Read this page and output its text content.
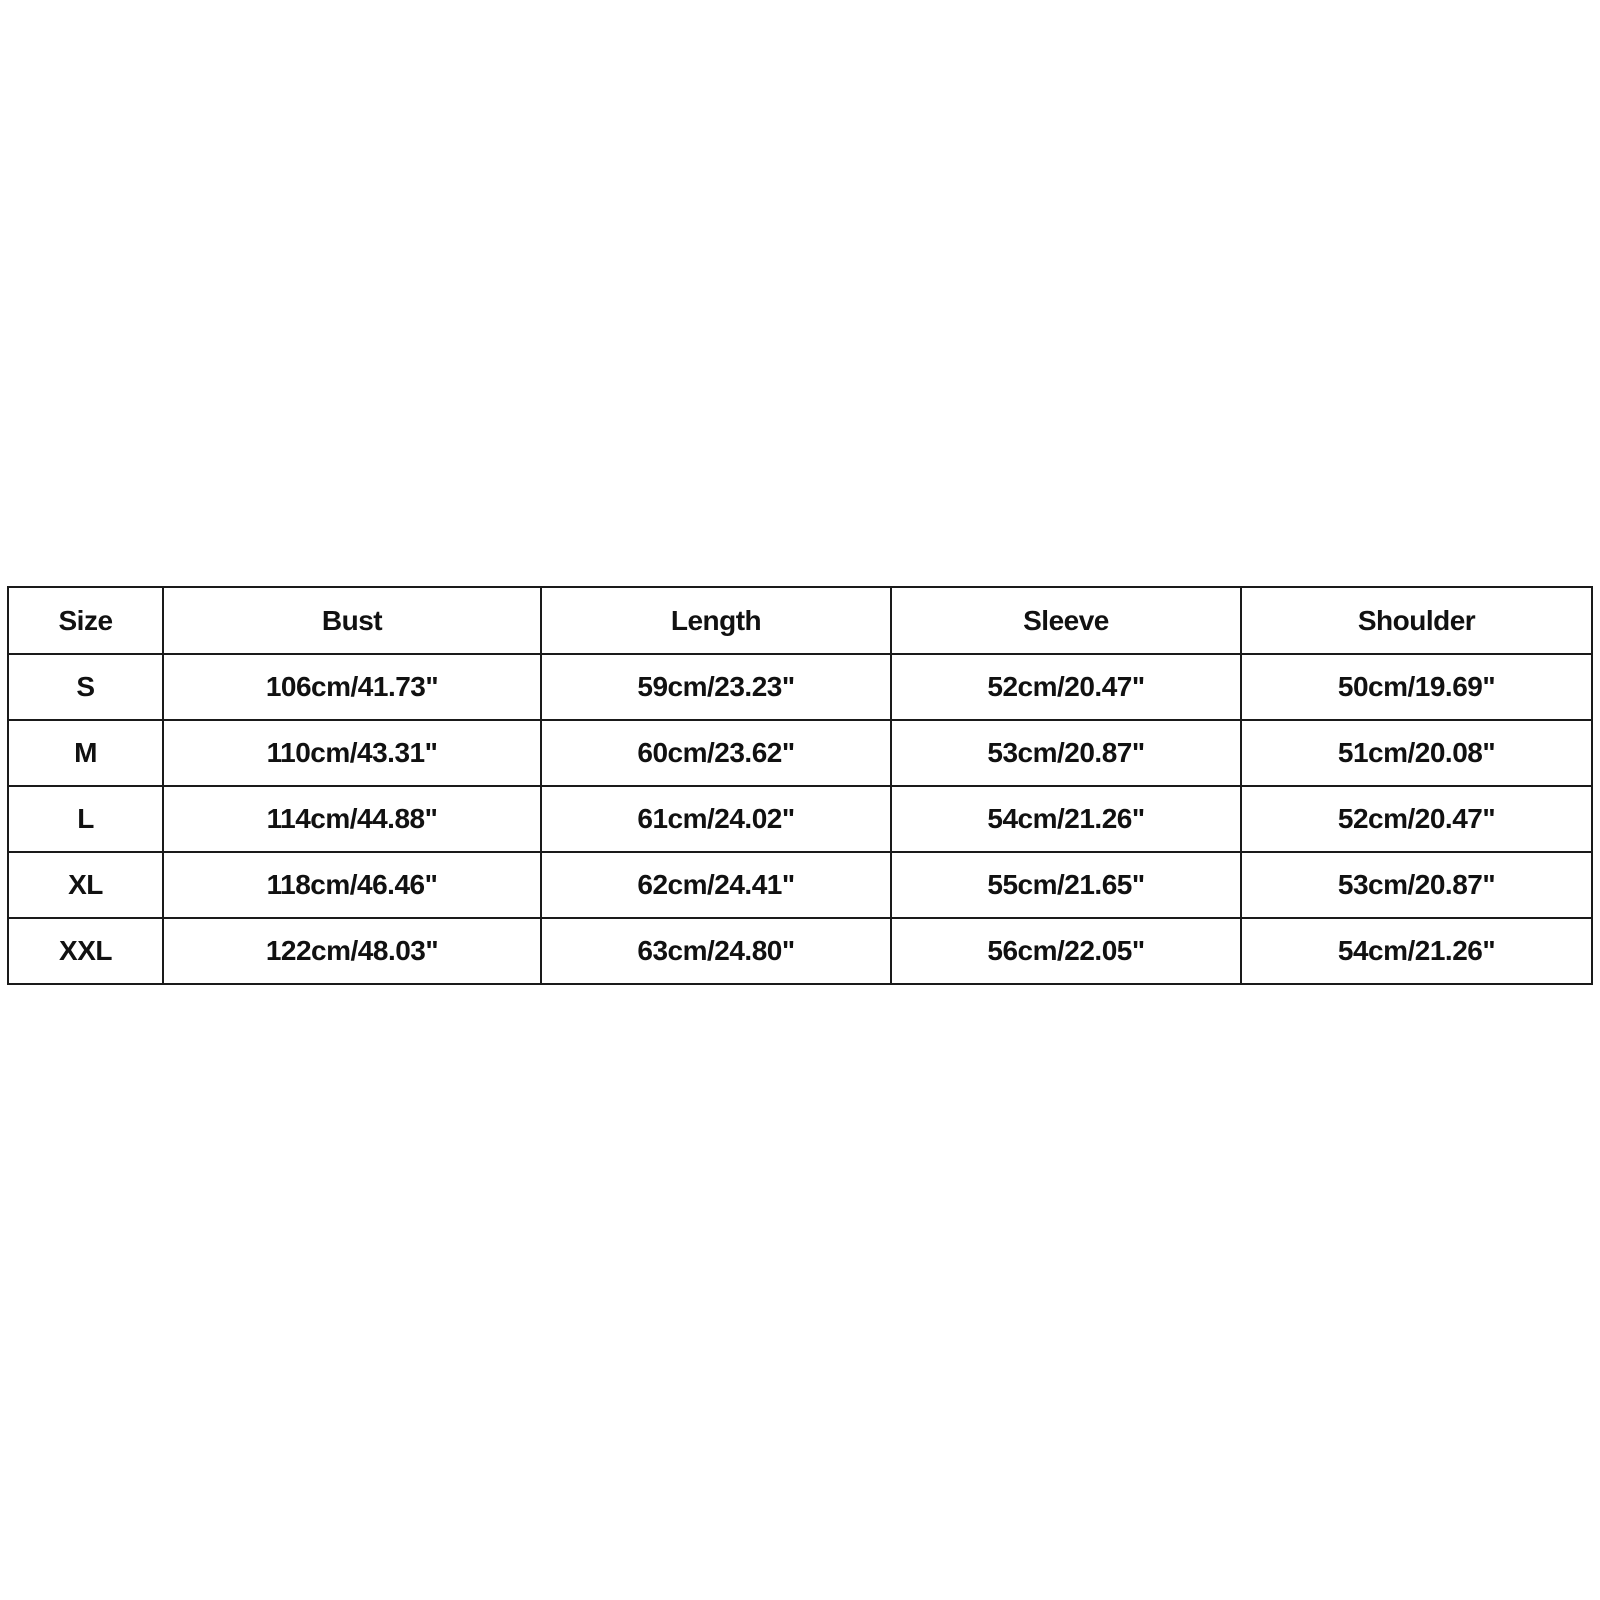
Size	Bust	Length	Sleeve	Shoulder
S	106cm/41.73"	59cm/23.23"	52cm/20.47"	50cm/19.69"
M	110cm/43.31"	60cm/23.62"	53cm/20.87"	51cm/20.08"
L	114cm/44.88"	61cm/24.02"	54cm/21.26"	52cm/20.47"
XL	118cm/46.46"	62cm/24.41"	55cm/21.65"	53cm/20.87"
XXL	122cm/48.03"	63cm/24.80"	56cm/22.05"	54cm/21.26"
